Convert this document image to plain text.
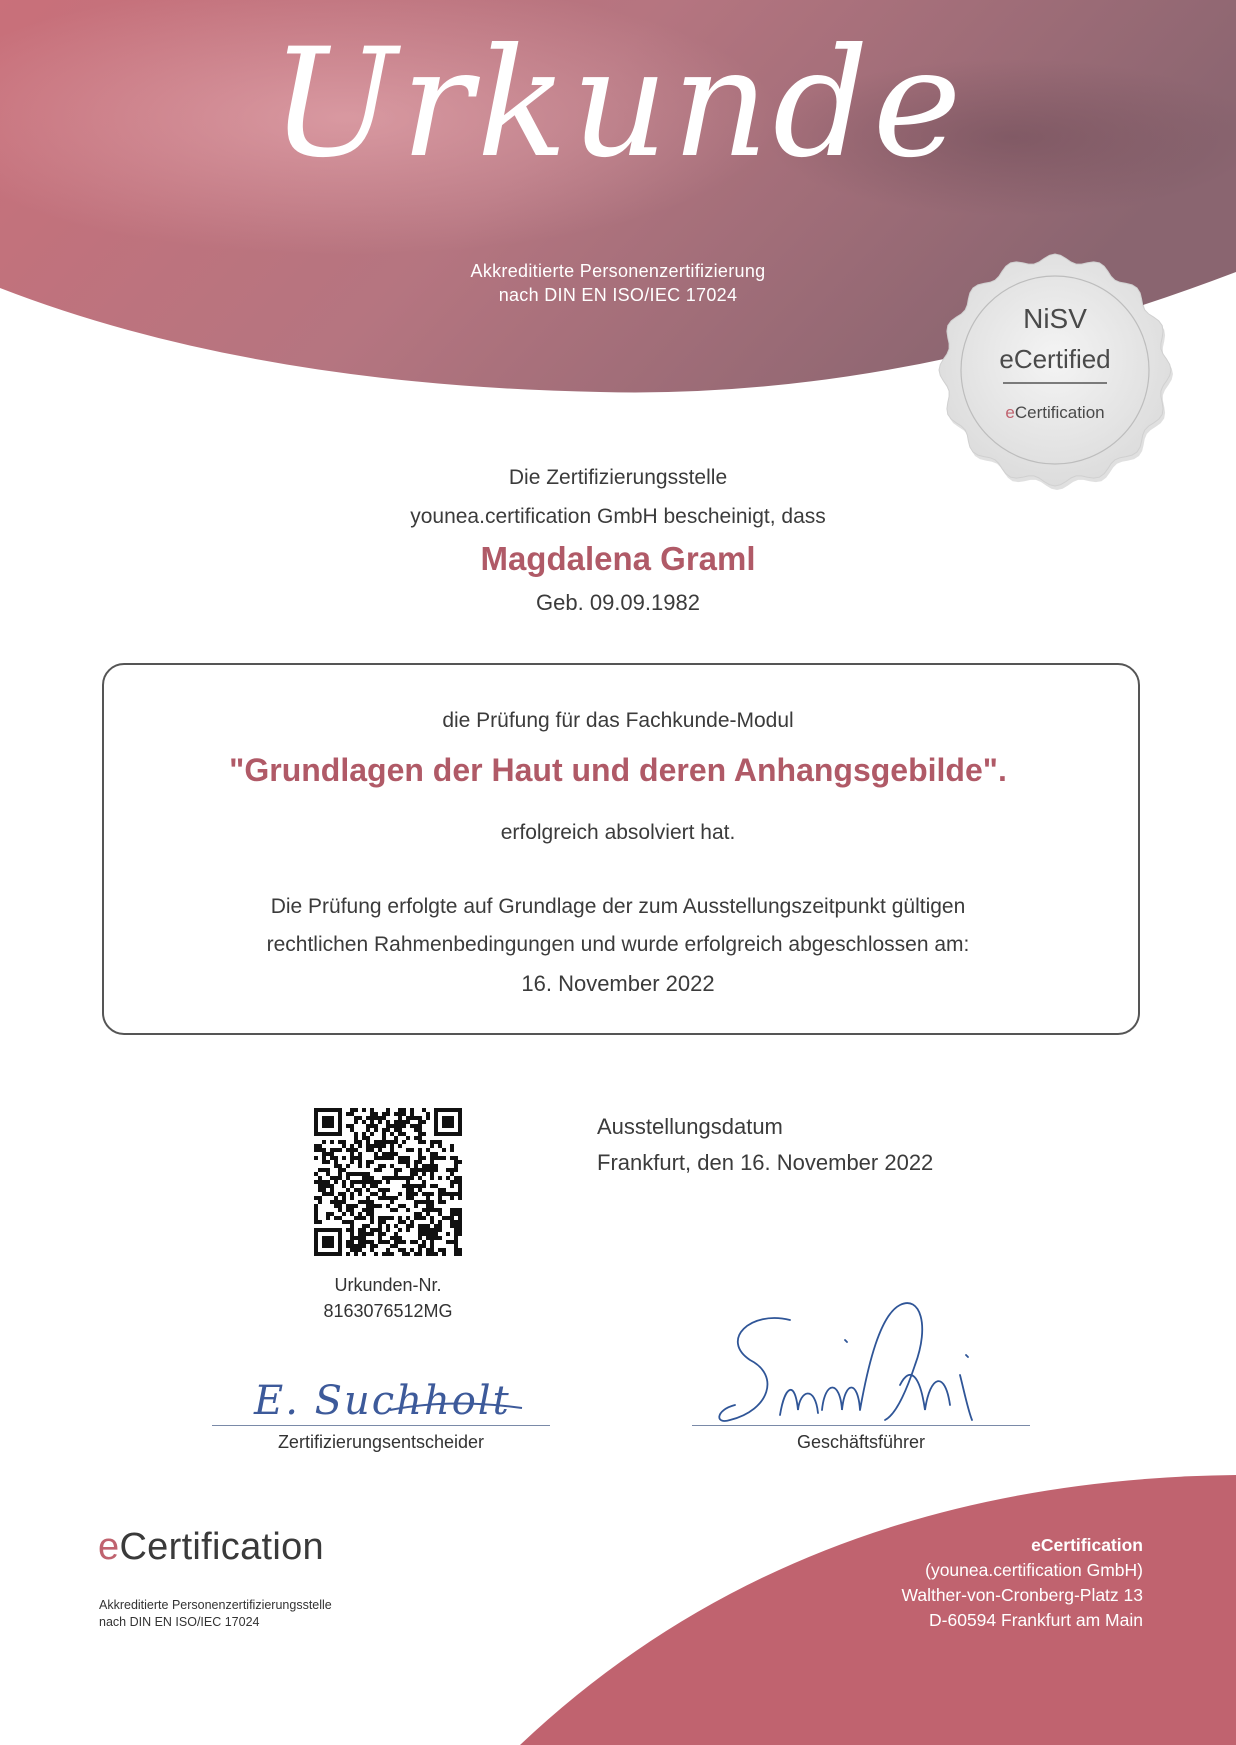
Urkunde
Akkreditierte Personenzertifizierung
nach DIN EN ISO/IEC 17024
NiSV
eCertified
eCertification
Die Zertifizierungsstelle
younea.certification GmbH bescheinigt, dass
Magdalena Graml
Geb. 09.09.1982
die Prüfung für das Fachkunde-Modul
"Grundlagen der Haut und deren Anhangsgebilde".
erfolgreich absolviert hat.
Die Prüfung erfolgte auf Grundlage der zum Ausstellungszeitpunkt gültigen
rechtlichen Rahmenbedingungen und wurde erfolgreich abgeschlossen am:
16. November 2022
Urkunden-Nr.
8163076512MG
Ausstellungsdatum
Frankfurt, den 16. November 2022
E. Suchholt
Zertifizierungsentscheider	Geschäftsführer
eCertification
Akkreditierte Personenzertifizierungsstelle
nach DIN EN ISO/IEC 17024
eCertification
(younea.certification GmbH)
Walther-von-Cronberg-Platz 13
D-60594 Frankfurt am Main
